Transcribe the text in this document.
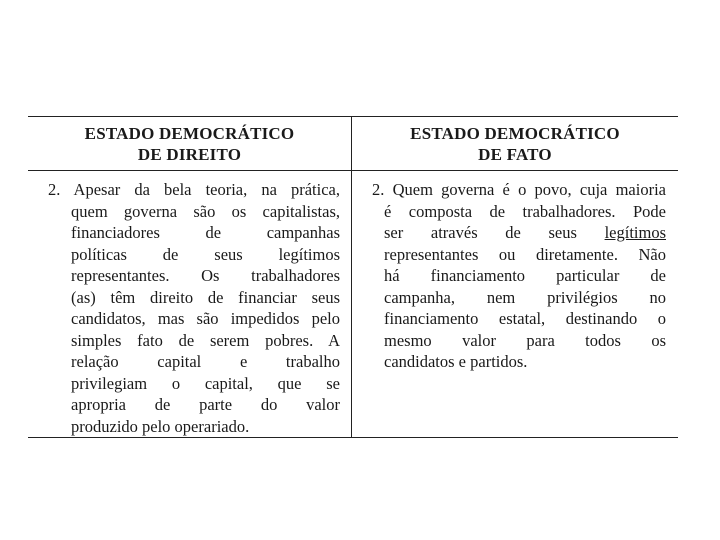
ESTADO DEMOCRÁTICO
DE DIREITO
ESTADO DEMOCRÁTICO
DE FATO
2. Apesar da bela teoria, na prática,
quem governa são os capitalistas,
financiadores de campanhas
políticas de seus legítimos
representantes. Os trabalhadores
(as) têm direito de financiar seus
candidatos, mas são impedidos pelo
simples fato de serem pobres. A
relação capital e trabalho
privilegiam o capital, que se
apropria de parte do valor
produzido pelo operariado.
2. Quem governa é o povo, cuja maioria
é composta de trabalhadores. Pode
ser através de seus legítimos
representantes ou diretamente. Não
há financiamento particular de
campanha, nem privilégios no
financiamento estatal, destinando o
mesmo valor para todos os
candidatos e partidos.
